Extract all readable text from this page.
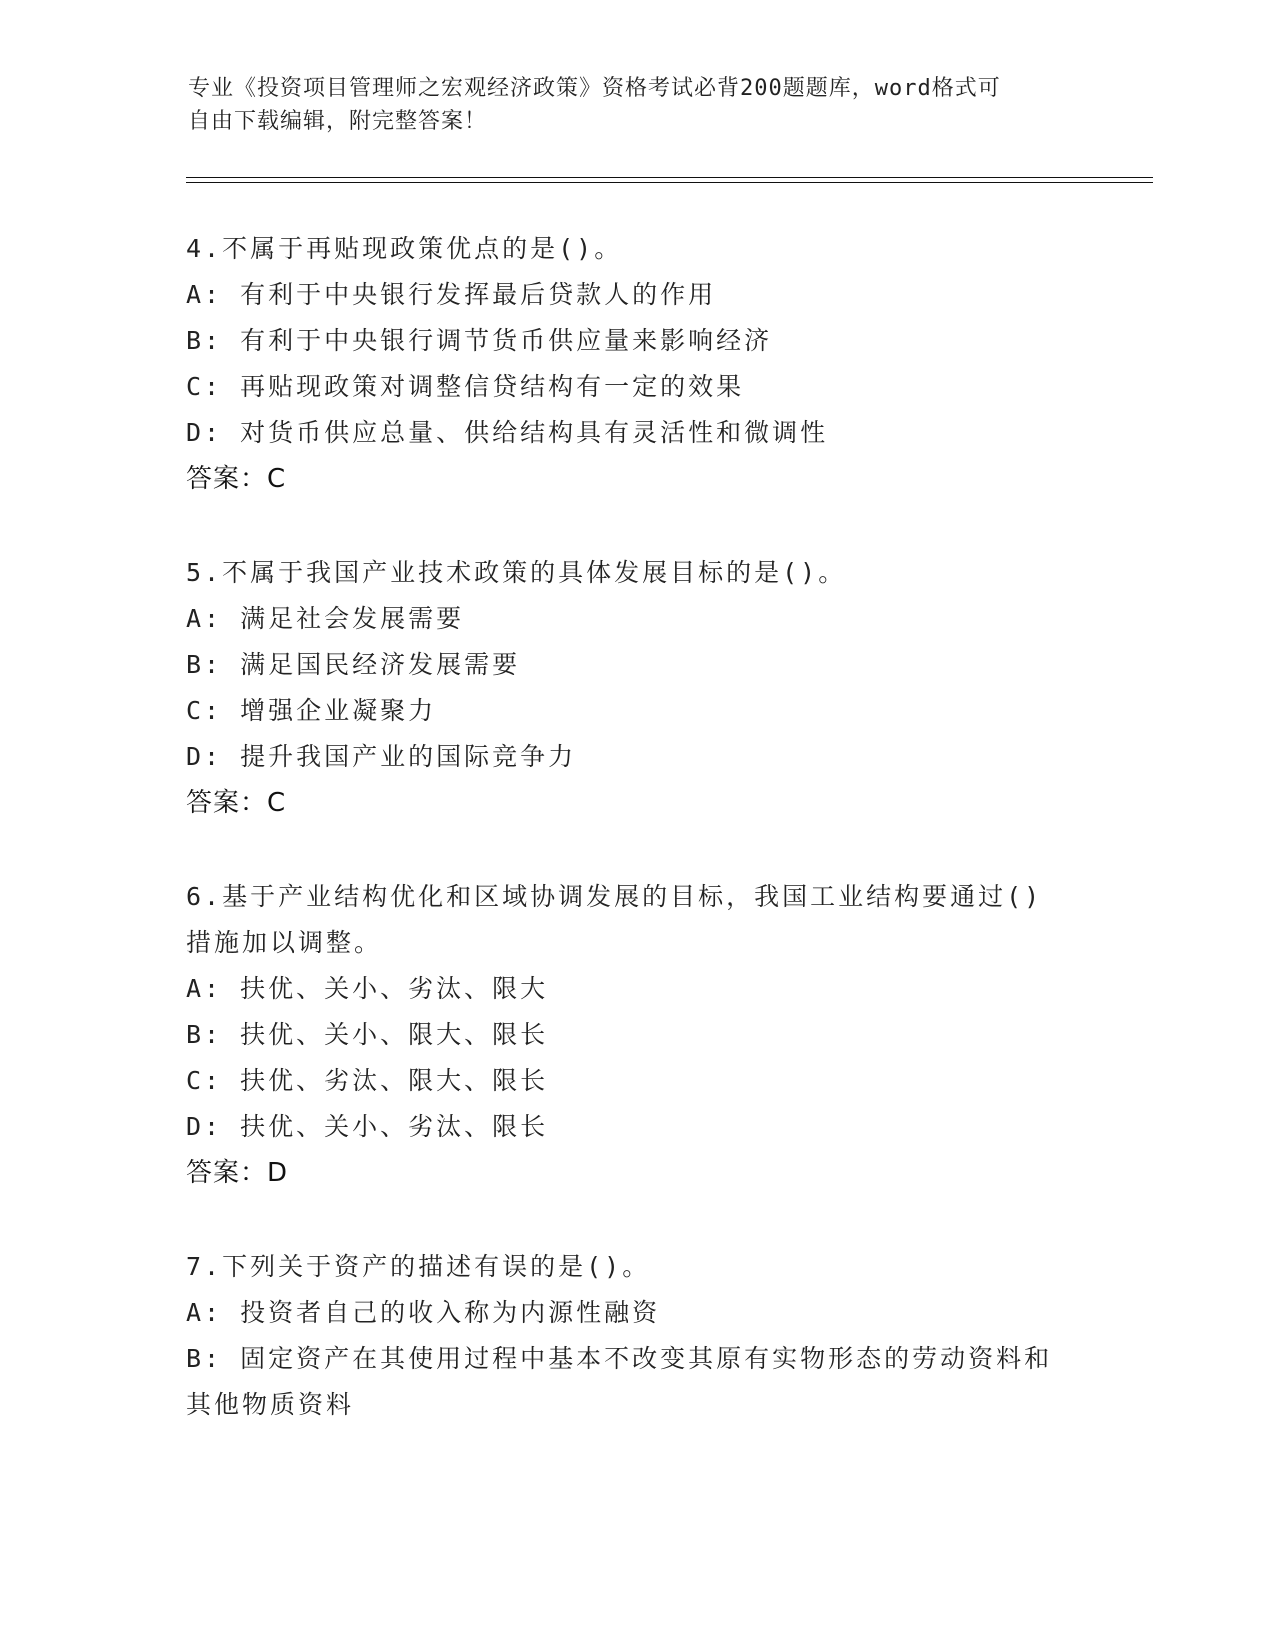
专业《投资项目管理师之宏观经济政策》资格考试必背200题题库，word格式可
自由下载编辑，附完整答案！
4.不属于再贴现政策优点的是()。
A: 有利于中央银行发挥最后贷款人的作用
B: 有利于中央银行调节货币供应量来影响经济
C: 再贴现政策对调整信贷结构有一定的效果
D: 对货币供应总量、供给结构具有灵活性和微调性
答案：C
5.不属于我国产业技术政策的具体发展目标的是()。
A: 满足社会发展需要
B: 满足国民经济发展需要
C: 增强企业凝聚力
D: 提升我国产业的国际竞争力
答案：C
6.基于产业结构优化和区域协调发展的目标，我国工业结构要通过()
措施加以调整。
A: 扶优、关小、劣汰、限大
B: 扶优、关小、限大、限长
C: 扶优、劣汰、限大、限长
D: 扶优、关小、劣汰、限长
答案：D
7.下列关于资产的描述有误的是()。
A: 投资者自己的收入称为内源性融资
B: 固定资产在其使用过程中基本不改变其原有实物形态的劳动资料和
其他物质资料
